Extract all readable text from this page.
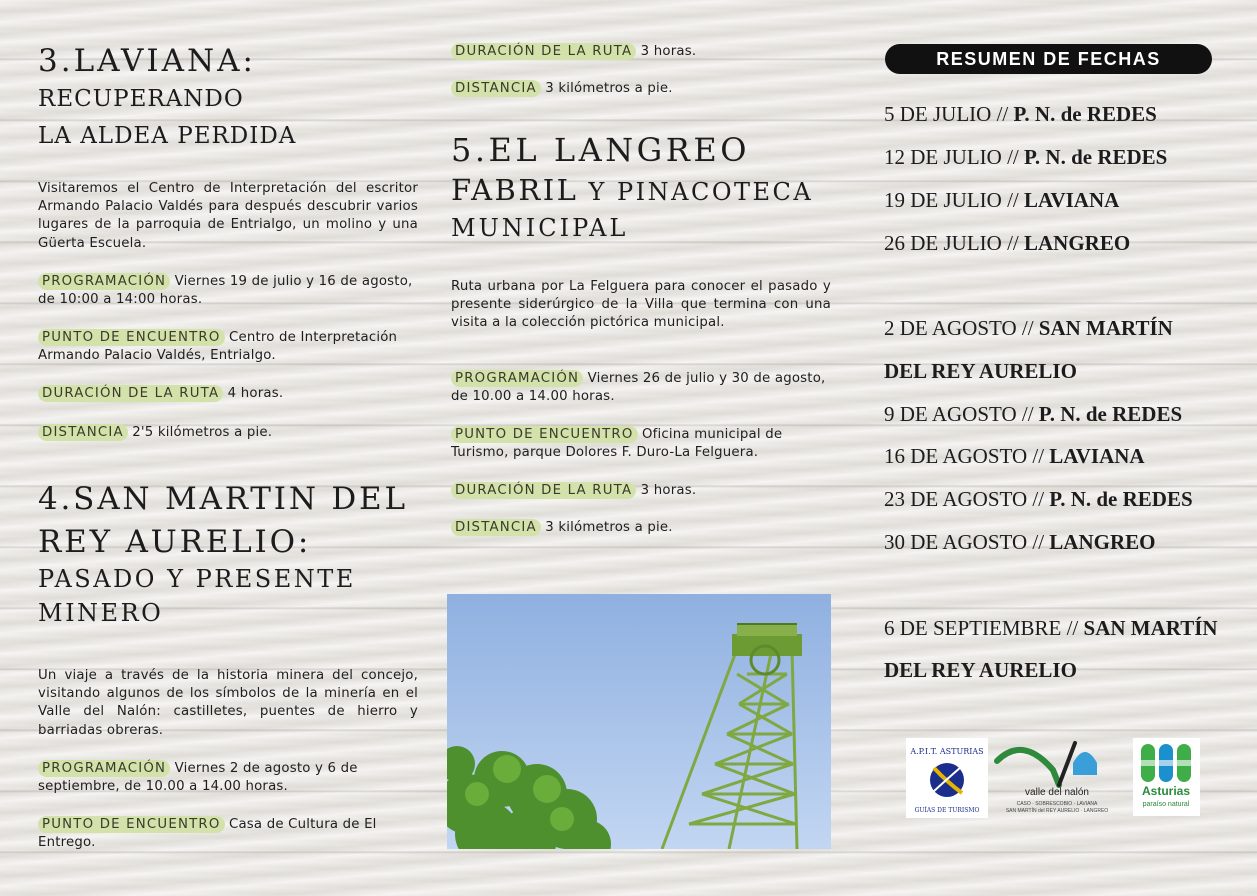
3.LAVIANA:
RECUPERANDO
LA ALDEA PERDIDA

Visitaremos el Centro de Interpretación del escritor Armando Palacio Valdés para después descubrir varios lugares de la parroquia de Entrialgo, un molino y una Güerta Escuela.

PROGRAMACIÓN Viernes 19 de julio y 16 de agosto, de 10:00 a 14:00 horas.

PUNTO DE ENCUENTRO Centro de Interpretación Armando Palacio Valdés, Entrialgo.

DURACIÓN DE LA RUTA 4 horas.

DISTANCIA 2'5 kilómetros a pie.

4.SAN MARTIN DEL
REY AURELIO:
PASADO Y PRESENTE
MINERO

Un viaje a través de la historia minera del concejo, visitando algunos de los símbolos de la minería en el Valle del Nalón: castilletes, puentes de hierro y barriadas obreras.

PROGRAMACIÓN Viernes 2 de agosto y 6 de septiembre, de 10.00 a 14.00 horas.

PUNTO DE ENCUENTRO Casa de Cultura de El Entrego.

DURACIÓN DE LA RUTA 3 horas.

DISTANCIA 3 kilómetros a pie.

5.EL LANGREO
FABRIL Y PINACOTECA
MUNICIPAL

Ruta urbana por La Felguera para conocer el pasado y presente siderúrgico de la Villa que termina con una visita a la colección pictórica municipal.

PROGRAMACIÓN Viernes 26 de julio y 30 de agosto, de 10.00 a 14.00 horas.

PUNTO DE ENCUENTRO Oficina municipal de Turismo, parque Dolores F. Duro-La Felguera.

DURACIÓN DE LA RUTA 3 horas.

DISTANCIA 3 kilómetros a pie.

RESUMEN DE FECHAS

5 DE JULIO // P. N. de REDES

12 DE JULIO // P. N. de REDES

19 DE JULIO // LAVIANA

26 DE JULIO // LANGREO

2 DE AGOSTO // SAN MARTÍN

DEL REY AURELIO

9 DE AGOSTO // P. N. de REDES

16 DE AGOSTO // LAVIANA

23 DE AGOSTO // P. N. de REDES

30 DE AGOSTO // LANGREO

6 DE SEPTIEMBRE // SAN MARTÍN

DEL REY AURELIO

A.P.I.T. ASTURIAS
GUÍAS DE TURISMO
valle del nalón
CASO · SOBRESCOBIO · LAVIANA
SAN MARTÍN del REY AURELIO · LANGREO
Asturias
paraíso natural
